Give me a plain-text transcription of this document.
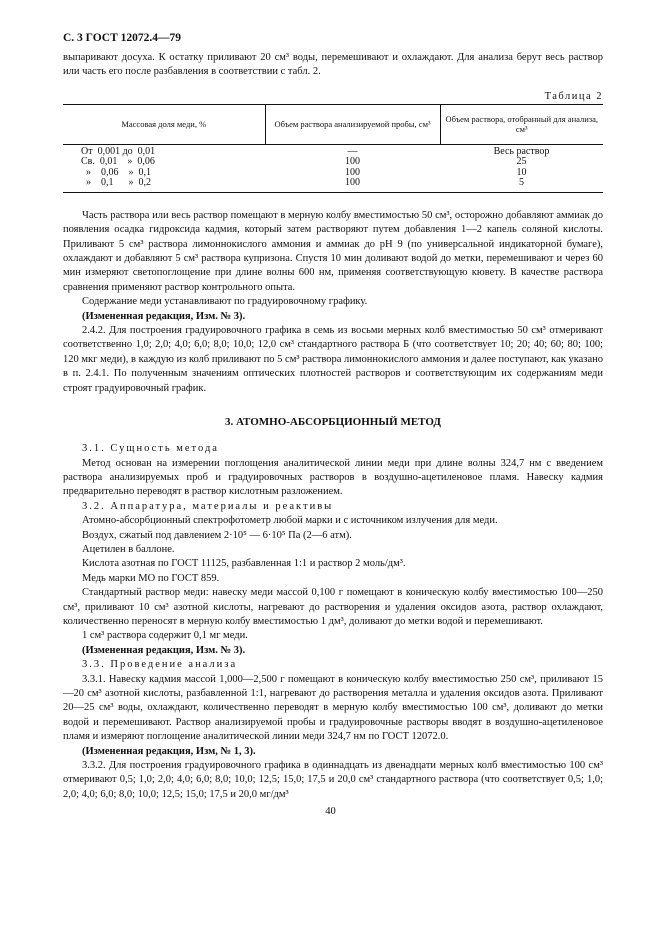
С. 3 ГОСТ 12072.4—79

выпаривают досуха. К остатку приливают 20 см³ воды, перемешивают и охлаждают. Для анализа берут весь раствор или часть его после разбавления в соответствии с табл. 2.

Таблица 2
Массовая доля меди, %	Объем раствора анализируемой пробы, см³	Объем раствора, отобранный для анализа, см³
От  0,001 до  0,01	—	Весь раствор
Св.  0,01    »  0,06	100	25
»    0,06    »  0,1	100	10
»    0,1      »  0,2	100	5

Часть раствора или весь раствор помещают в мерную колбу вместимостью 50 см³, осторожно добавляют аммиак до появления осадка гидроксида кадмия, который затем растворяют путем добавления 1—2 капель соляной кислоты. Приливают 5 см³ раствора лимоннокислого аммония и аммиак до pH 9 (по универсальной индикаторной бумаге), охлаждают и добавляют 5 см³ раствора купризона. Спустя 10 мин доливают водой до метки, перемешивают и через 60 мин измеряют светопоглощение при длине волны 600 нм, применяя соответствующую кювету. В качестве раствора сравнения применяют раствор контрольного опыта.

Содержание меди устанавливают по градуировочному графику.

(Измененная редакция, Изм. № 3).

2.4.2. Для построения градуировочного графика в семь из восьми мерных колб вместимостью 50 см³ отмеривают соответственно 1,0; 2,0; 4,0; 6,0; 8,0; 10,0; 12,0 см³ стандартного раствора Б (что соответствует 10; 20; 40; 60; 80; 100; 120 мкг меди), в каждую из колб приливают по 5 см³ раствора лимоннокислого аммония и далее поступают, как указано в п. 2.4.1. По полученным значениям оптических плотностей растворов и соответствующим их содержаниям меди строят градуировочный график.

3. АТОМНО-АБСОРБЦИОННЫЙ МЕТОД

3.1. Сущность метода

Метод основан на измерении поглощения аналитической линии меди при длине волны 324,7 нм с введением раствора анализируемых проб и градуировочных растворов в воздушно-ацетиленовое пламя. Навеску кадмия предварительно переводят в раствор кислотным разложением.

3.2. Аппаратура, материалы и реактивы

Атомно-абсорбционный спектрофотометр любой марки и с источником излучения для меди.

Воздух, сжатый под давлением 2·10⁵ — 6·10⁵ Па (2—6 атм).

Ацетилен в баллоне.

Кислота азотная по ГОСТ 11125, разбавленная 1:1 и раствор 2 моль/дм³.

Медь марки МО по ГОСТ 859.

Стандартный раствор меди: навеску меди массой 0,100 г помещают в коническую колбу вместимостью 100—250 см³, приливают 10 см³ азотной кислоты, нагревают до растворения и удаления оксидов азота, раствор охлаждают, количественно переносят в мерную колбу вместимостью 1 дм³, доливают до метки водой и перемешивают.

1 см³ раствора содержит 0,1 мг меди.

(Измененная редакция, Изм. № 3).

3.3. Проведение анализа

3.3.1. Навеску кадмия массой 1,000—2,500 г помещают в коническую колбу вместимостью 250 см³, приливают 15—20 см³ азотной кислоты, разбавленной 1:1, нагревают до растворения металла и удаления оксидов азота. Приливают 20—25 см³ воды, охлаждают, количественно переводят в мерную колбу вместимостью 100 см³, доливают до метки водой и перемешивают. Раствор анализируемой пробы и градуировочные растворы вводят в воздушно-ацетиленовое пламя и измеряют поглощение аналитической линии меди 324,7 нм по ГОСТ 12072.0.

(Измененная редакция, Изм, № 1, 3).

3.3.2. Для построения градуировочного графика в одиннадцать из двенадцати мерных колб вместимостью 100 см³ отмеривают 0,5; 1,0; 2,0; 4,0; 6,0; 8,0; 10,0; 12,5; 15,0; 17,5 и 20,0 см³ стандартного раствора (что соответствует 0,5; 1,0; 2,0; 4,0; 6,0; 8,0; 10,0; 12,5; 15,0; 17,5 и 20,0 мг/дм³

40
